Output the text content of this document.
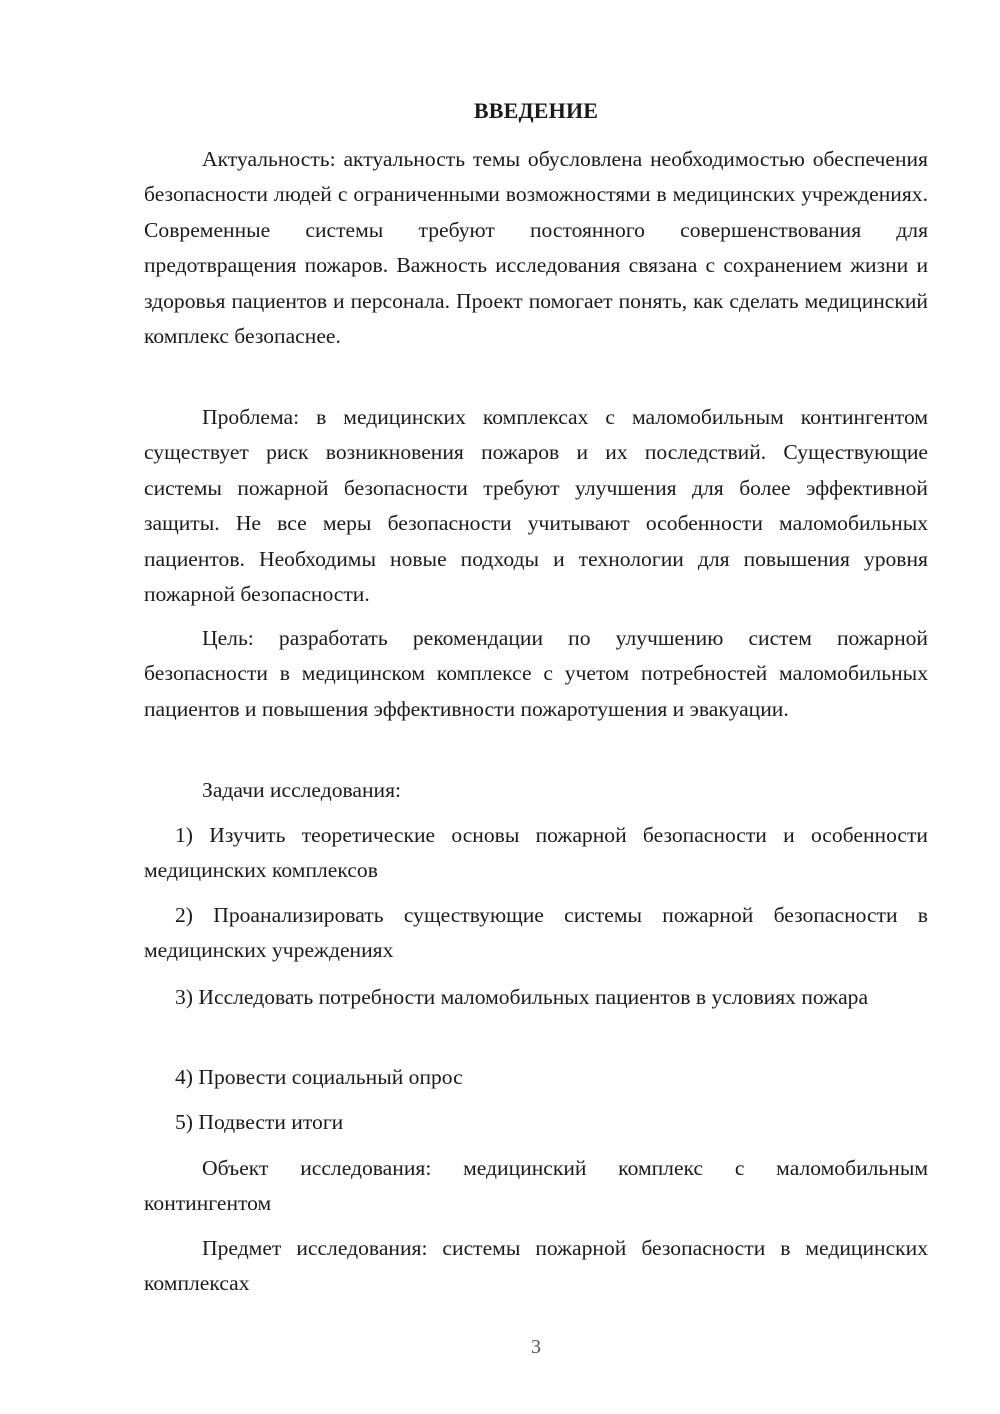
ВВЕДЕНИЕ

Актуальность: актуальность темы обусловлена необходимостью обеспечения безопасности людей с ограниченными возможностями в медицинских учреждениях. Современные системы требуют постоянного совершенствования для предотвращения пожаров. Важность исследования связана с сохранением жизни и здоровья пациентов и персонала. Проект помогает понять, как сделать медицинский комплекс безопаснее.

Проблема: в медицинских комплексах с маломобильным контингентом существует риск возникновения пожаров и их последствий. Существующие системы пожарной безопасности требуют улучшения для более эффективной защиты. Не все меры безопасности учитывают особенности маломобильных пациентов. Необходимы новые подходы и технологии для повышения уровня пожарной безопасности.

Цель: разработать рекомендации по улучшению систем пожарной безопасности в медицинском комплексе с учетом потребностей маломобильных пациентов и повышения эффективности пожаротушения и эвакуации.

Задачи исследования:

1) Изучить теоретические основы пожарной безопасности и особенности медицинских комплексов

2) Проанализировать существующие системы пожарной безопасности в медицинских учреждениях

3) Исследовать потребности маломобильных пациентов в условиях пожара

4) Провести социальный опрос

5) Подвести итоги

Объект исследования: медицинский комплекс с маломобильным контингентом

Предмет исследования: системы пожарной безопасности в медицинских комплексах

3
